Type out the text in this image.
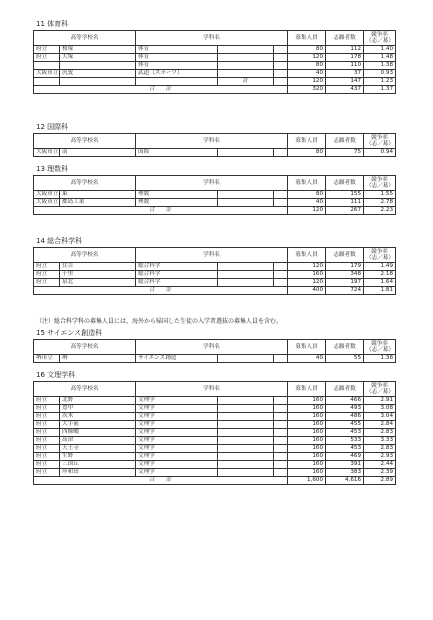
11 体育科
高等学校名		学科名			募集人員	志願者数	競争率（志／募）
府立	桜塚	体育			80	112	1.40
府立	大塚	体育			120	178	1.48
		体育			80	110	1.38
大阪市立	汎愛	武道（スポーツ）			40	37	0.93
			計		120	147	1.23
合　　計					320	437	1.37
12 国際科
高等学校名		学科名			募集人員	志願者数	競争率（志／募）
大阪市立	南	国際			80	75	0.94
13 理数科
高等学校名		学科名			募集人員	志願者数	競争率（志／募）
大阪市立	東	理数			80	155	1.55
大阪市立	都島工業	理数			40	111	2.78
合　　計					120	267	2.23
14 総合科学科
高等学校名		学科名			募集人員	志願者数	競争率（志／募）
府立	住吉	総合科学			120	179	1.49
府立	千里	総合科学			160	348	2.18
府立	泉北	総合科学			120	197	1.64
合　　計					400	724	1.81
（注）総合科学科の募集人員には、海外から帰国した生徒の入学者選抜の募集人員を含む。
15 サイエンス創造科
高等学校名		学科名			募集人員	志願者数	競争率（志／募）
堺市立	堺	サイエンス創造			40	55	1.38
16 文理学科
高等学校名		学科名			募集人員	志願者数	競争率（志／募）
府立	北野	文理学			160	466	2.91
府立	豊中	文理学			160	493	3.08
府立	茨木	文理学			160	486	3.04
府立	大手前	文理学			160	455	2.84
府立	四條畷	文理学			160	453	2.83
府立	高津	文理学			160	533	3.33
府立	天王寺	文理学			160	453	2.83
府立	生野	文理学			160	469	2.93
府立	三国丘	文理学			160	391	2.44
府立	岸和田	文理学			160	383	2.39
合　　計					1,600	4,616	2.89
